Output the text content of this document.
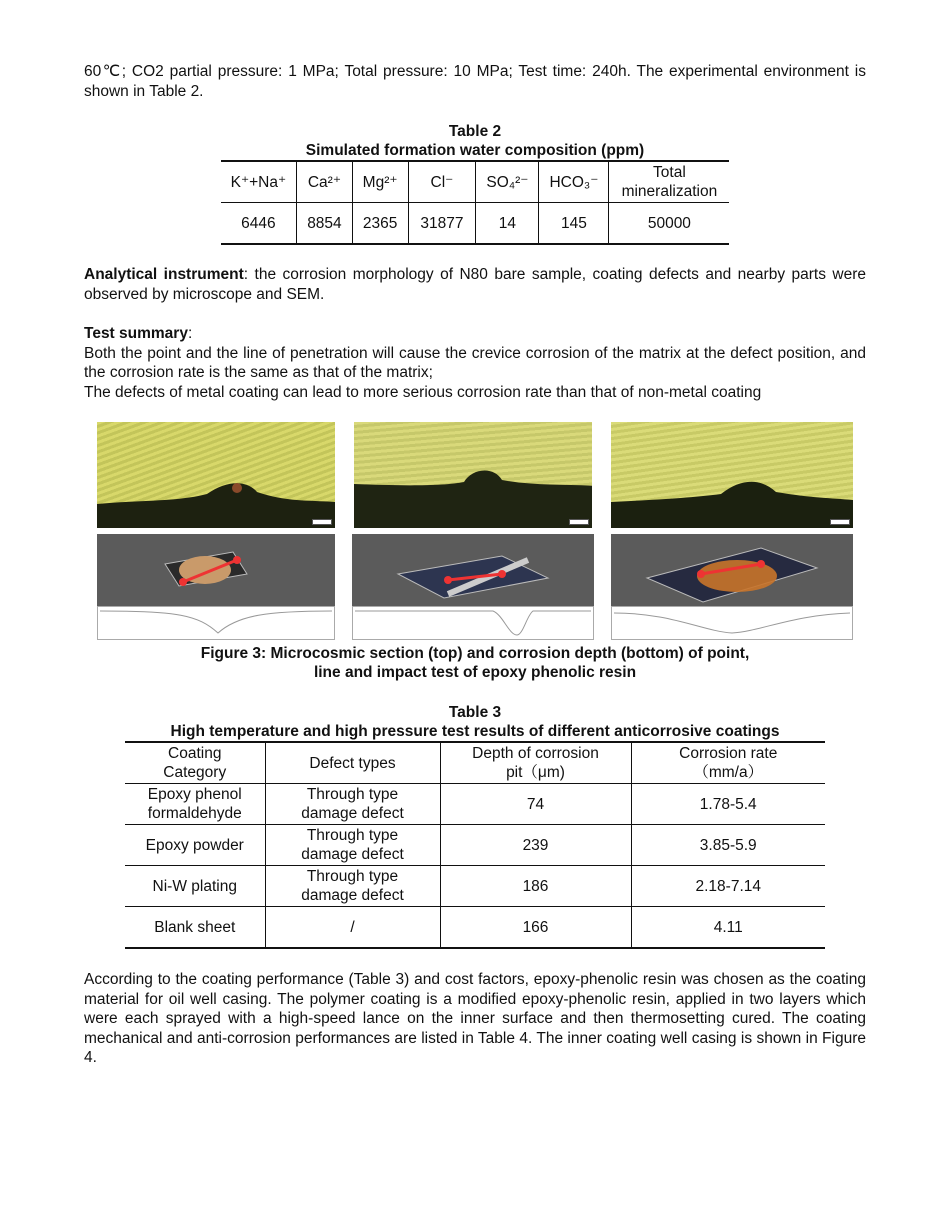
60℃; CO2 partial pressure: 1 MPa; Total pressure: 10 MPa; Test time: 240h. The experimental environment is shown in Table 2.

Table 2
Simulated formation water composition (ppm)
K⁺+Na⁺	Ca²⁺	Mg²⁺	Cl⁻	SO₄²⁻	HCO₃⁻	Total mineralization
6446	8854	2365	31877	14	145	50000

Analytical instrument: the corrosion morphology of N80 bare sample, coating defects and nearby parts were observed by microscope and SEM.

Test summary:

Both the point and the line of penetration will cause the crevice corrosion of the matrix at the defect position, and the corrosion rate is the same as that of the matrix;

The defects of metal coating can lead to more serious corrosion rate than that of non-metal coating

Figure 3: Microcosmic section (top) and corrosion depth (bottom) of point,
line and impact test of epoxy phenolic resin
Table 3
High temperature and high pressure test results of different anticorrosive coatings
Coating Category	Defect types	Depth of corrosion pit（μm)	Corrosion rate（mm/a）
Epoxy phenol formaldehyde	Through type damage defect	74	1.78-5.4
Epoxy powder	Through type damage defect	239	3.85-5.9
Ni-W plating	Through type damage defect	186	2.18-7.14
Blank sheet	/	166	4.11

According to the coating performance (Table 3) and cost factors, epoxy-phenolic resin was chosen as the coating material for oil well casing. The polymer coating is a modified epoxy-phenolic resin, applied in two layers which were each sprayed with a high-speed lance on the inner surface and then thermosetting cured. The coating mechanical and anti-corrosion performances are listed in Table 4. The inner coating well casing is shown in Figure 4.
